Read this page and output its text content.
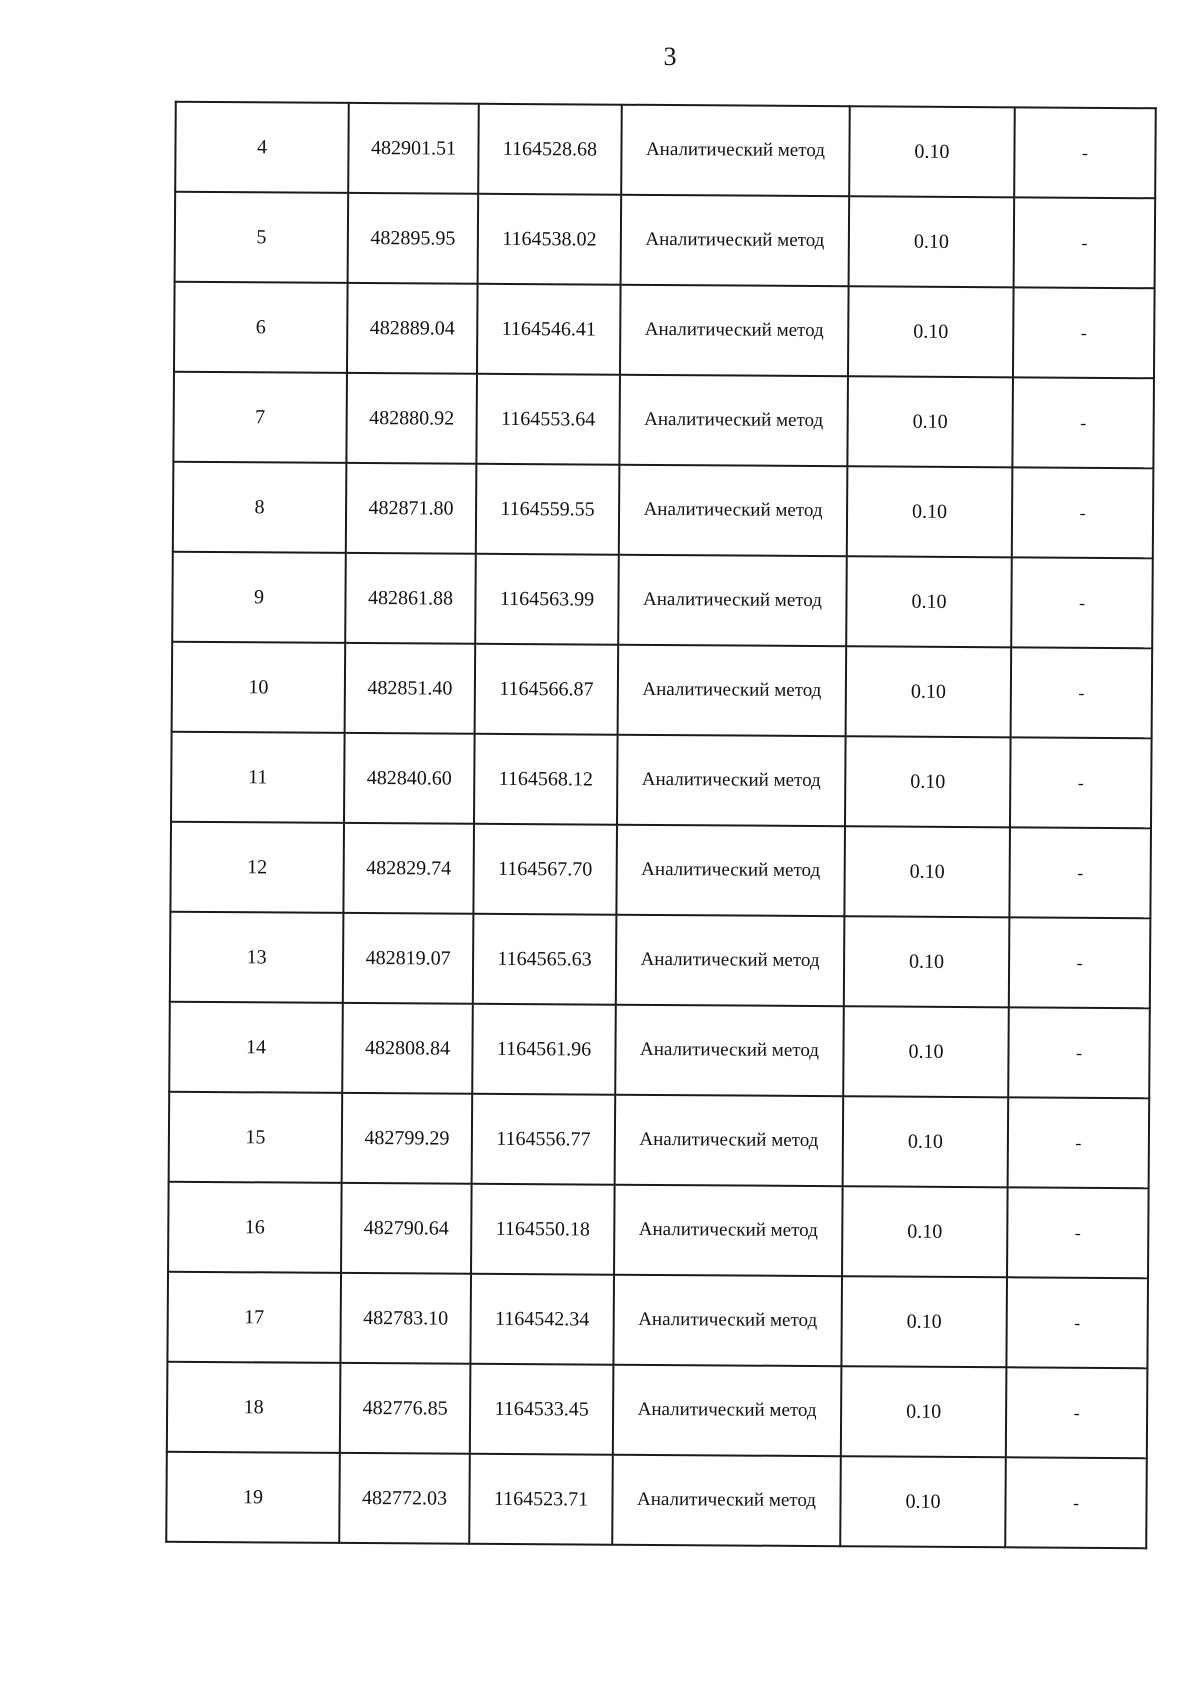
3
4	482901.51	1164528.68	Аналитический метод	0.10	-
5	482895.95	1164538.02	Аналитический метод	0.10	-
6	482889.04	1164546.41	Аналитический метод	0.10	-
7	482880.92	1164553.64	Аналитический метод	0.10	-
8	482871.80	1164559.55	Аналитический метод	0.10	-
9	482861.88	1164563.99	Аналитический метод	0.10	-
10	482851.40	1164566.87	Аналитический метод	0.10	-
11	482840.60	1164568.12	Аналитический метод	0.10	-
12	482829.74	1164567.70	Аналитический метод	0.10	-
13	482819.07	1164565.63	Аналитический метод	0.10	-
14	482808.84	1164561.96	Аналитический метод	0.10	-
15	482799.29	1164556.77	Аналитический метод	0.10	-
16	482790.64	1164550.18	Аналитический метод	0.10	-
17	482783.10	1164542.34	Аналитический метод	0.10	-
18	482776.85	1164533.45	Аналитический метод	0.10	-
19	482772.03	1164523.71	Аналитический метод	0.10	-
